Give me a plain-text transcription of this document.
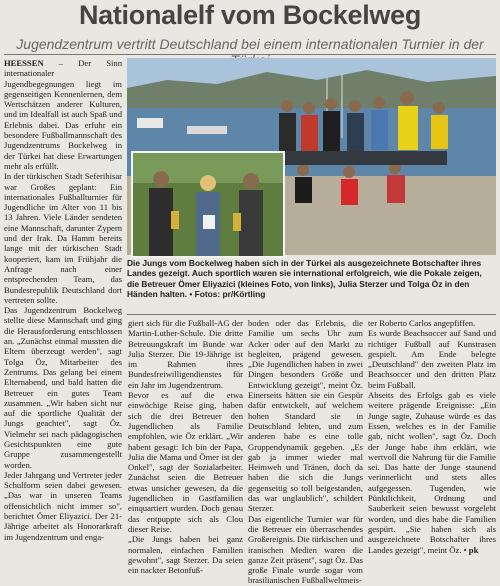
Nationalelf vom Bockelweg
Jugendzentrum vertritt Deutschland bei einem internationalen Turnier in der
HEESSEN – Der Sinn internationaler Jugendbegegnungen liegt im gegenseitigen Kennenlernen, dem Wertschätzen anderer Kulturen, und im Idealfall ist auch Spaß und Erlebnis dabei. Das erfuhr ein besondere Fußballmannschaft des Jugendzentrums Bockelweg in der Türkei hat diese Erwartungen mehr als erfüllt.
In der türkischen Stadt Seferihisar war Großes geplant: Ein internationales Fußballturnier für Jugendliche im Alter von 11 bis 13 Jahren. Viele Länder sendeten eine Mannschaft, darunter Zypern und der Irak. Da Hamm bereits lange mit der türkischen Stadt kooperiert, kam im Frühjahr die Anfrage nach einer entsprechenden Team, das Bundesrepublik Deutschland dort vertreten sollte.
Das Jugendzentrum Bockelweg stellte diese Mannschaft und ging die Herausforderung entschlossen an. „Zunächst einmal mussten die Eltern überzeugt werden", sagt Tolga Öz, Mitarbeiter des Zentrums. Das gelang bei einem Elternabend, und bald hatten die Betreuer ein gutes Team zusammen. „Wir haben sicht nur auf die sportliche Qualität der Jungs geachtet", sagt Öz. Vielmehr sei nach pädagogischen Gesichtspunkten eine gute Gruppe zusammengestellt worden.
Jeder Jahrgang und Vertreter jeder Schulform seien dabei gewesen. „Das war in unseren Teams offensichtlich nicht immer so", berichtet Ömer Eliyazici. Der 21-Jährige arbeitet als Honorarkraft im Jugendzentrum und enga-
Die Jungs vom Bockelweg haben sich in der Türkei als ausgezeichnete Botschafter ihres Landes gezeigt. Auch sportlich waren sie international erfolgreich, wie die Pokale zeigen, die Betreuer Ömer Eliyazici (kleines Foto, von links), Julia Sterzer und Tolga Öz in den Händen halten. • Fotos: pr/Körtling
giert sich für die Fußball-AG der Martin-Luther-Schule. Die dritte Betreuungskraft im Bunde war Julia Sterzer. Die 19-Jährige ist im Rahmen ihres Bundesfreiwilligendienstes für ein Jahr im Jugendzentrum.
Bevor es auf die etwa einwöchige Reise ging, haben sich die drei Betreuer den Jugendlichen als Familie empfohlen, wie Öz erklärt. „Wir habent gesagt: Ich bin der Papa, Julia die Mama und Ömer ist der Onkel", sagt der Sozialarbeiter. Zunächst seien die Betreuer etwas unsicher gewesen, da die Jugendlichen in Gastfamilien einquartiert wurden. Doch genau das entpuppte sich als Clou dieser Reise.
„Die Jungs haben bei ganz normalen, einfachen Familien gewohnt", sagt Sterzer. Da seien ein nackter Betonfuß-
boden oder das Erlebnis, die Familie um sechs Uhr zum Acker oder auf den Markt zu begleiten, prägend gewesen. „Die Jugendlichen haben in zwei Dingen besonders Größe und Entwicklung gezeigt", meint Öz. Einerseits hätten sie ein Gespür dafür entwickelt, auf welchem hohen Standard sie in Deutschland lebten, und zum anderen habe es eine tolle Gruppendynamik gegeben. „Es gab ja immer wieder mal Heimweh und Tränen, doch da haben die sich die Jungs gegenseitig so toll beigestanden, das war unglaublich", schildert Sterzer.
Das eigentliche Turnier war für die Betreuer ein überraschendes Großereignis. Die türkischen und iranischen Medien waren die ganze Zeit präsent", sagt Öz. Das große Finale wurde sogar vom brasilianischen Fußballweltmeis-
ter Roberto Carlos angepfiffen.
Es wurde Beachsoccer auf Sand und richtiger Fußball auf Kunstrasen gespielt. Am Ende belegte „Deutschland" den zweiten Platz im Beachsoccer und den dritten Platz beim Fußball.
Abseits des Erfolgs gab es viele weitere prägende Ereignisse: „Ein Junge sagte, Zuhause würde es das Essen, welches es in der Familie gab, nicht wollen", sagt Öz. Doch der Junge habe ihm erklärt, wie wertvoll die Nahrung für die Familie sei. Das hatte der Junge staunend verinnerlicht und stets alles aufgegessen. Tugenden, wie Pünktlichkeit, Ordnung und Sauberkeit seien bewusst vorgelebt worden, und dies habe die Familien gespürt. „Sie haben sich als ausgezeichnete Botschafter ihres Landes gezeigt", meint Öz. • pk
